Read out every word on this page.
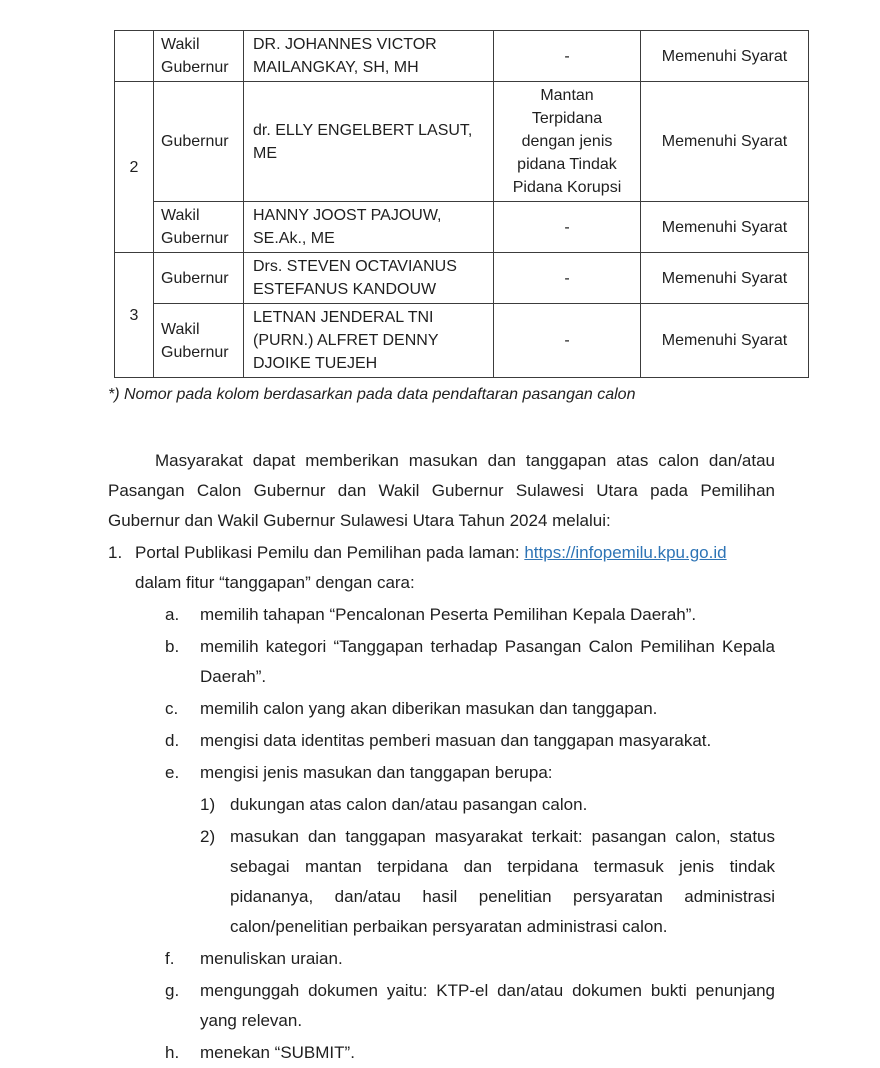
	Wakil Gubernur	DR. JOHANNES VICTOR MAILANGKAY, SH, MH	-	Memenuhi Syarat
2	Gubernur	dr. ELLY ENGELBERT LASUT, ME	Mantan Terpidana dengan jenis pidana Tindak Pidana Korupsi	Memenuhi Syarat
	Wakil Gubernur	HANNY JOOST PAJOUW, SE.Ak., ME	-	Memenuhi Syarat
3	Gubernur	Drs. STEVEN OCTAVIANUS ESTEFANUS KANDOUW	-	Memenuhi Syarat
	Wakil Gubernur	LETNAN JENDERAL TNI (PURN.) ALFRET DENNY DJOIKE TUEJEH	-	Memenuhi Syarat

*) Nomor pada kolom berdasarkan pada data pendaftaran pasangan calon

Masyarakat dapat memberikan masukan dan tanggapan atas calon dan/atau Pasangan Calon Gubernur dan Wakil Gubernur Sulawesi Utara pada Pemilihan Gubernur dan Wakil Gubernur Sulawesi Utara Tahun 2024 melalui:

1. Portal Publikasi Pemilu dan Pemilihan pada laman: https://infopemilu.kpu.go.id
dalam fitur “tanggapan” dengan cara:
a. memilih tahapan “Pencalonan Peserta Pemilihan Kepala Daerah”.
b. memilih kategori “Tanggapan terhadap Pasangan Calon Pemilihan Kepala Daerah”.
c. memilih calon yang akan diberikan masukan dan tanggapan.
d. mengisi data identitas pemberi masuan dan tanggapan masyarakat.
e. mengisi jenis masukan dan tanggapan berupa:
1) dukungan atas calon dan/atau pasangan calon.
2) masukan dan tanggapan masyarakat terkait: pasangan calon, status sebagai mantan terpidana dan terpidana termasuk jenis tindak pidananya, dan/atau hasil penelitian persyaratan administrasi calon/penelitian perbaikan persyaratan administrasi calon.
f. menuliskan uraian.
g. mengunggah dokumen yaitu: KTP-el dan/atau dokumen bukti penunjang yang relevan.
h. menekan “SUBMIT”.
